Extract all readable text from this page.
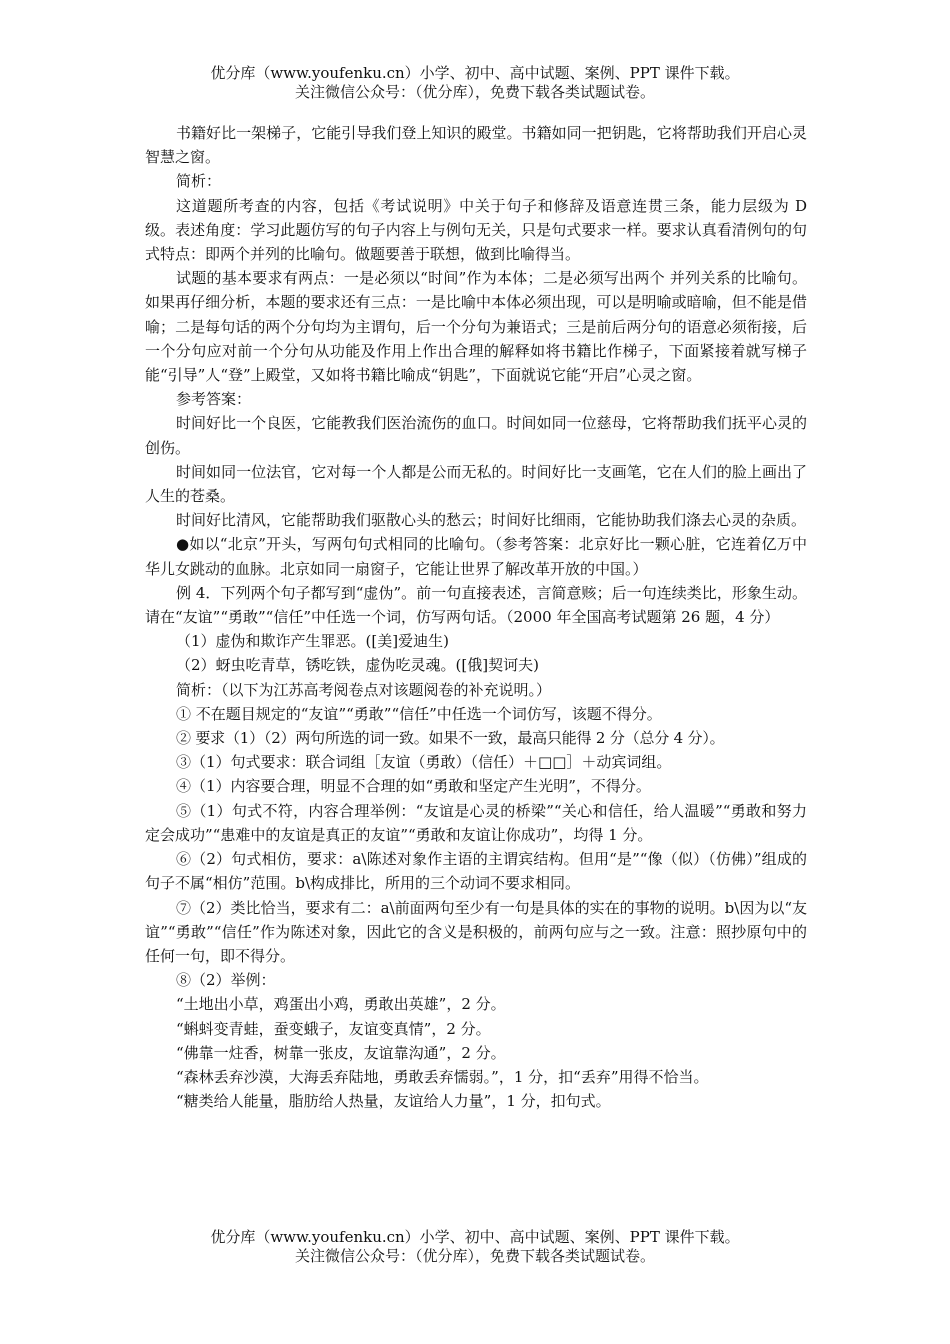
优分库（www.youfenku.cn）小学、初中、高中试题、案例、PPT 课件下载。
关注微信公众号：（优分库），免费下载各类试题试卷。

书籍好比一架梯子，它能引导我们登上知识的殿堂。书籍如同一把钥匙，它将帮助我们开启心灵智慧之窗。

简析：

这道题所考查的内容，包括《考试说明》中关于句子和修辞及语意连贯三条，能力层级为 D 级。表述角度：学习此题仿写的句子内容上与例句无关，只是句式要求一样。要求认真看清例句的句式特点：即两个并列的比喻句。做题要善于联想，做到比喻得当。

试题的基本要求有两点：一是必须以“时间”作为本体；二是必须写出两个 并列关系的比喻句。如果再仔细分析，本题的要求还有三点：一是比喻中本体必须出现，可以是明喻或暗喻，但不能是借喻；二是每句话的两个分句均为主谓句，后一个分句为兼语式；三是前后两分句的语意必须衔接，后一个分句应对前一个分句从功能及作用上作出合理的解释如将书籍比作梯子，下面紧接着就写梯子能“引导”人“登”上殿堂，又如将书籍比喻成“钥匙”，下面就说它能“开启”心灵之窗。

参考答案：

时间好比一个良医，它能教我们医治流伤的血口。时间如同一位慈母，它将帮助我们抚平心灵的创伤。

时间如同一位法官，它对每一个人都是公而无私的。时间好比一支画笔，它在人们的脸上画出了人生的苍桑。

时间好比清风，它能帮助我们驱散心头的愁云；时间好比细雨，它能协助我们涤去心灵的杂质。

●如以“北京”开头，写两句句式相同的比喻句。（参考答案：北京好比一颗心脏，它连着亿万中华儿女跳动的血脉。北京如同一扇窗子，它能让世界了解改革开放的中国。）

例 4．下列两个句子都写到“虚伪”。前一句直接表述，言简意赅；后一句连续类比，形象生动。请在“友谊”“勇敢”“信任”中任选一个词，仿写两句话。（2000 年全国高考试题第 26 题，4 分）

（1）虚伪和欺诈产生罪恶。([美]爱迪生)

（2）蚜虫吃青草，锈吃铁，虚伪吃灵魂。([俄]契诃夫)

简析：（以下为江苏高考阅卷点对该题阅卷的补充说明。）

① 不在题目规定的“友谊”“勇敢”“信任”中任选一个词仿写，该题不得分。

② 要求（1）（2）两句所选的词一致。如果不一致，最高只能得 2 分（总分 4 分）。

③（1）句式要求：联合词组［友谊（勇敢）（信任）＋□□］＋动宾词组。

④（1）内容要合理，明显不合理的如“勇敢和坚定产生光明”，不得分。

⑤（1）句式不符，内容合理举例：“友谊是心灵的桥梁”“关心和信任，给人温暖”“勇敢和努力定会成功”“患难中的友谊是真正的友谊”“勇敢和友谊让你成功”，均得 1 分。

⑥（2）句式相仿，要求：a\陈述对象作主语的主谓宾结构。但用“是”“像（似）（仿佛）”组成的句子不属“相仿”范围。b\构成排比，所用的三个动词不要求相同。

⑦（2）类比恰当，要求有二：a\前面两句至少有一句是具体的实在的事物的说明。b\因为以“友谊”“勇敢”“信任”作为陈述对象，因此它的含义是积极的，前两句应与之一致。注意：照抄原句中的任何一句，即不得分。

⑧（2）举例：

“土地出小草，鸡蛋出小鸡，勇敢出英雄”，2 分。

“蝌蚪变青蛙，蚕变蛾子，友谊变真情”，2 分。

“佛靠一炷香，树靠一张皮，友谊靠沟通”，2 分。

“森林丢弃沙漠，大海丢弃陆地，勇敢丢弃懦弱。”，1 分，扣“丢弃”用得不恰当。

“糖类给人能量，脂肪给人热量，友谊给人力量”，1 分，扣句式。

优分库（www.youfenku.cn）小学、初中、高中试题、案例、PPT 课件下载。
关注微信公众号：（优分库），免费下载各类试题试卷。
